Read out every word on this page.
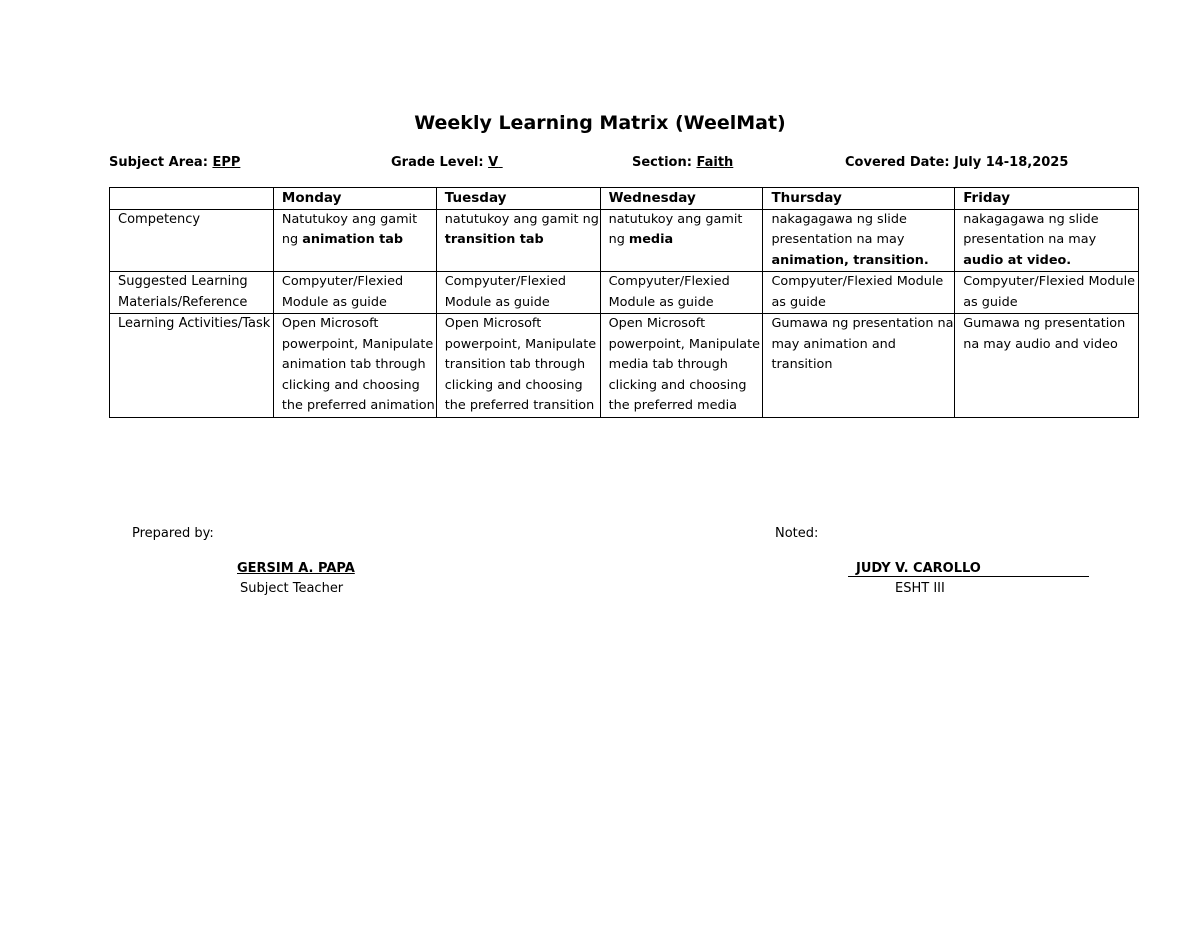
Weekly Learning Matrix (WeelMat)
Subject Area: EPP	Grade Level: V	Section: Faith	Covered Date: July 14-18,2025
	Monday	Tuesday	Wednesday	Thursday	Friday
Competency	Natutukoy ang gamit ng animation tab	natutukoy ang gamit ng transition tab	natutukoy ang gamit ng media	nakagagawa ng slide presentation na may animation, transition.	nakagagawa ng slide presentation na may audio at video.
Suggested Learning Materials/Reference	Compyuter/Flexied Module as guide	Compyuter/Flexied Module as guide	Compyuter/Flexied Module as guide	Compyuter/Flexied Module as guide	Compyuter/Flexied Module as guide
Learning Activities/Task	Open Microsoft powerpoint, Manipulate animation tab through clicking and choosing the preferred animation	Open Microsoft powerpoint, Manipulate transition tab through clicking and choosing the preferred transition	Open Microsoft powerpoint, Manipulate media tab through clicking and choosing the preferred media	Gumawa ng presentation na may animation and transition	Gumawa ng presentation na may audio and video
Prepared by:
GERSIM A. PAPA
Subject Teacher
Noted:
JUDY V. CAROLLO
ESHT III
